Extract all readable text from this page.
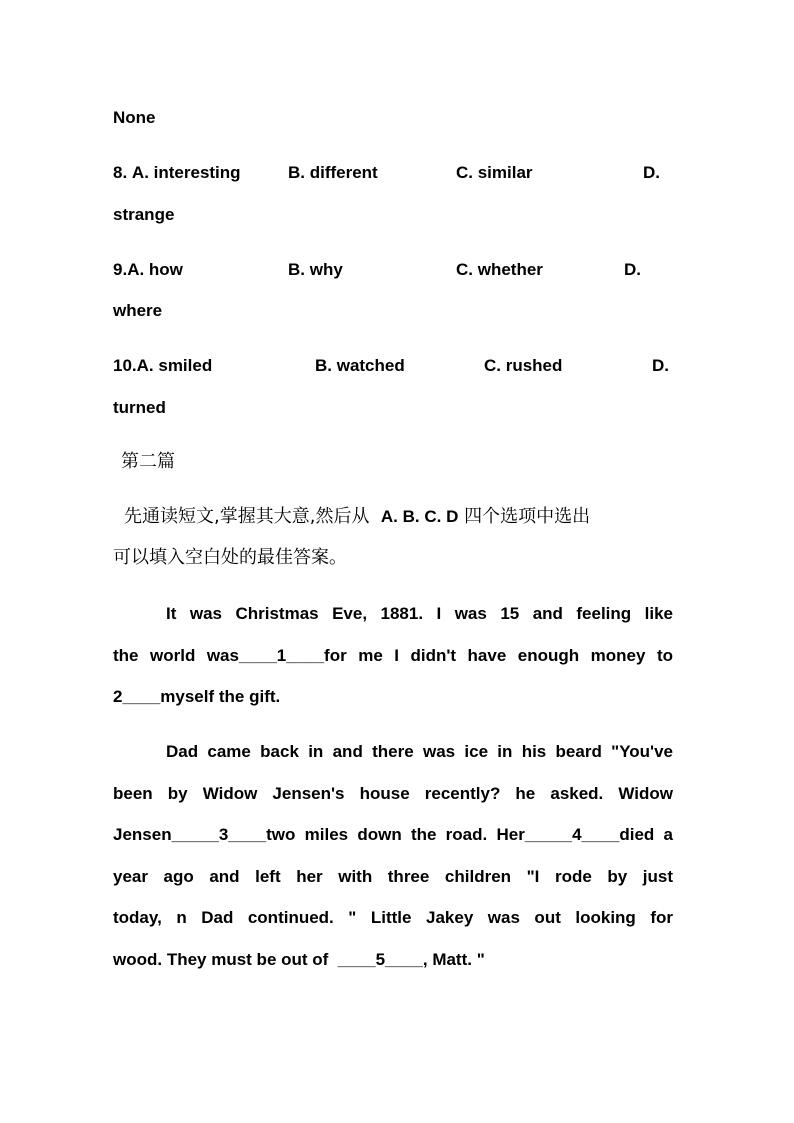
None
8. A. interesting	B. different	C. similar	D.
strange
9.A. how	B. why	C. whether	D.
where
10.A. smiled	B. watched	C. rushed	D.
turned
第二篇
先通读短文,掌握其大意,然后从 A. B. C. D 四个选项中选出
可以填入空白处的最佳答案。
It was Christmas Eve, 1881. I was 15 and feeling like
the world was____1____for me I didn't have enough money to
2____myself the gift.
Dad came back in and there was ice in his beard "You've
been by Widow Jensen's house recently? he asked. Widow
Jensen_____3____two miles down the road. Her_____4____died a
year ago and left her with three children "I rode by just
today, n Dad continued. " Little Jakey was out looking for
wood. They must be out of ____5____, Matt. "
